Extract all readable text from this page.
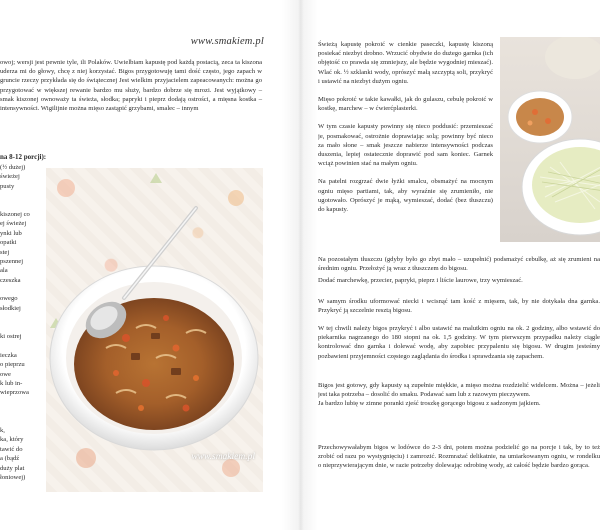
www.smakiem.pl

owoj; wersji jest pewnie tyle, ili Polaków. Uwielbiam kapustę pod każdą postacią, zeca ta kiszona uderza mi do głowy, chcę z niej korzystać. Bigos przygotowuję tami dość często, jego zapach w gruncie rzeczy przykłada się do świątecznej Jest wielkim przyjacielem zapeacowanych: można go przygotować w większej rewanie bardzo mu służy, bardzo dobrze się mrozi. Jest wyjątkowy – smak kiszonej ownoważy ta świeża, słodka; papryki i pieprz dodają ostrości, a mięsna kostka – intensywności. Wigilijnie można mięso zastąpić grzybami, smalec – innym

na 8-12 porcji):
(½ dużej)
świeżej
pusty
kiszonej co
ej świeżej
ynki lub
opatki
stej
pszennej
ala
czeszka
owego
słodkiej
ki ostrej
ieczka
o pieprzu
owe
k lub in-
wieprzowa
k,
ka, który
tawić do
a (bądź
duży plat
łoniowej)
www.smakiem.pl

Świeżą kapustę pokroić w cienkie paseczki, kapustę kiszoną posiekać niezbyt drobno. Wrzucić obydwie do dużego garnka (ich objętość co prawda się zmniejszy, ale będzie wygodniej mieszać). Wlać ok. ½ szklanki wody, oprószyć małą szczyptą soli, przykryć i ustawić na niezbyt dużym ogniu.

Mięso pokroić w takie kawałki, jak do gulaszu, cebulę pokroić w kostkę, marchew – w ćwierćplasterki.

W tym czasie kapusty powinny się nieco poddusić: przemieszać je, posmakować, ostrożnie doprawiając solą; powinny być nieco za mało słone – smak jeszcze nabierze intensywności podczas duszenia, lepiej ostatecznie doprawić pod sam koniec. Garnek wciąż powinien stać na małym ogniu.

Na patelni rozgrzać dwie łyżki smalcu, obsmażyć na mocnym ogniu mięso partiami, tak, aby wyraźnie się zrumieniło, nie ugotowało. Oprószyć je mąką, wymieszać, dodać (bez tłuszczu) do kapusty.

Na pozostałym tłuszczu (gdyby było go zbyt mało – uzupełnić) podsmażyć cebulkę, aż się zrumieni na średnim ogniu. Przełożyć ją wraz z tłuszczem do bigosu.

Dodać marchewkę, przecier, papryki, pieprz i liście laurowe, trzy wymieszać.

W samym środku uformować niecki i wcisnąć tam kość z mięsem, tak, by nie dotykała dna garnka. Przykryć ją szczelnie resztą bigosu.

W tej chwili należy bigos przykryć i albo ustawić na malutkim ogniu na ok. 2 godziny, albo wstawić do piekarnika nagrzanego do 180 stopni na ok. 1,5 godziny. W tym pierwszym przypadku należy ciągle kontrolować dno garnka i dolewać wodę, aby zapobiec przypaleniu się bigosu. W drugim jesteśmy pozbawieni przyjemności częstego zaglądania do środka i sprawdzania się zapachem.

Bigos jest gotowy, gdy kapusty są zupełnie miękkie, a mięso można rozdzielić widelcem. Można – jeżeli jest taka potrzeba – dosolić do smaku. Podawać sam lub z razowym pieczywem.

Ja bardzo lubię w zimne poranki zjeść troszkę gorącego bigosu z sadzonym jajkiem.

Przechowywałabym bigos w lodówce do 2-3 dni, potem można podzielić go na porcje i tak, by to też zrobić od razu po wystygnięciu) i zamrozić. Rozmrażać delikatnie, na umiarkowanym ogniu, w rondelku o nieprzywierającym dnie, w razie potrzeby dolewając odrobinę wody, aż całość będzie bardzo gorąca.
